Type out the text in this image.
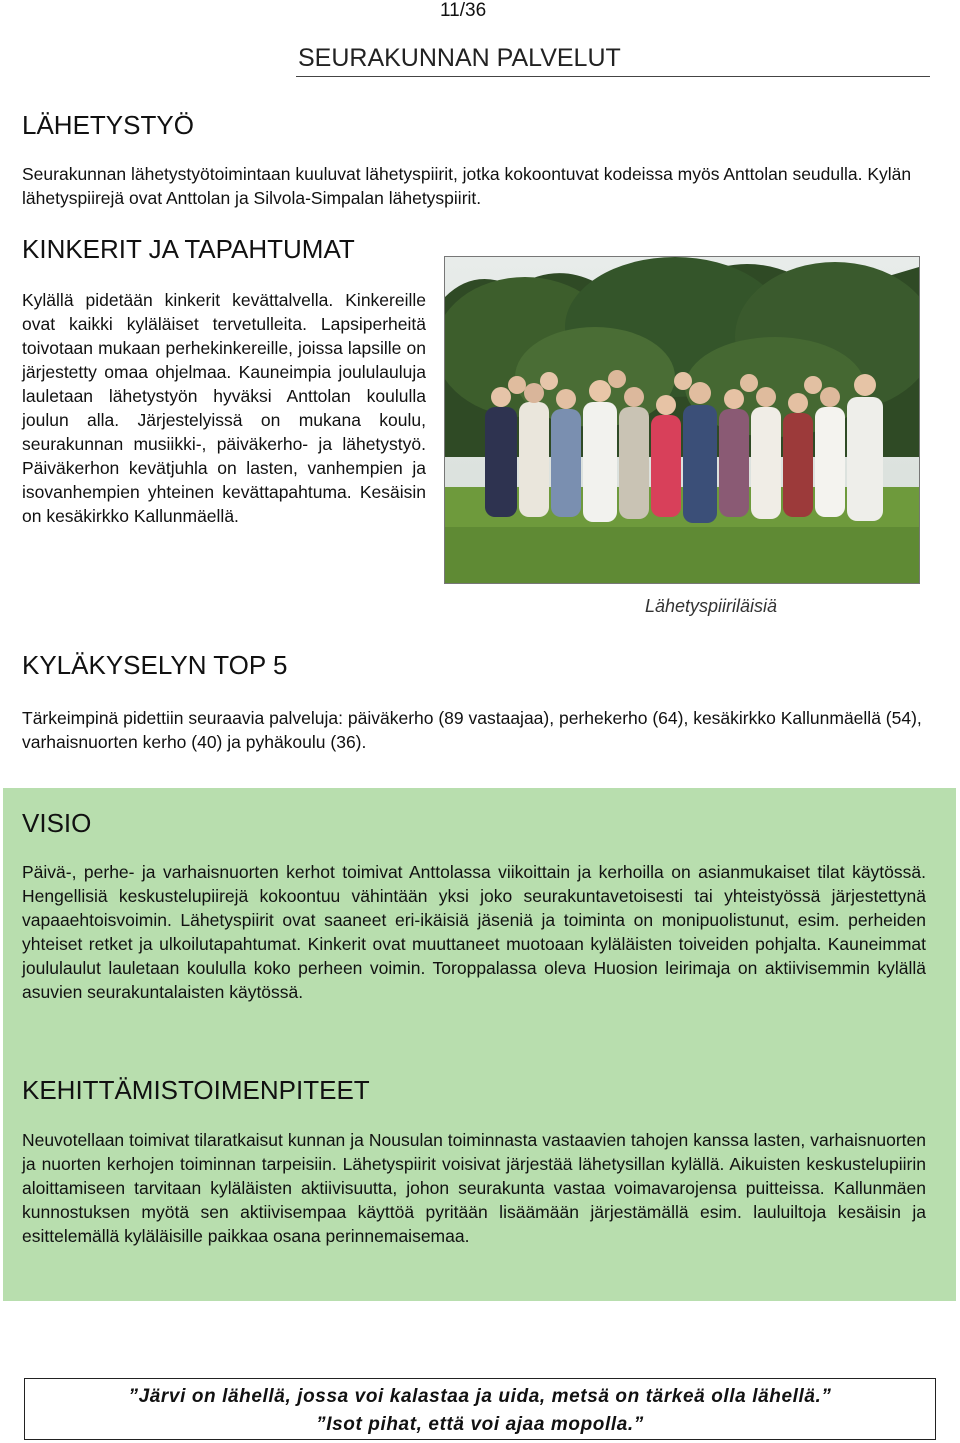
11/36
SEURAKUNNAN PALVELUT
LÄHETYSTYÖ

Seurakunnan lähetystyötoimintaan kuuluvat lähetyspiirit, jotka kokoontuvat kodeissa myös Anttolan seudulla. Kylän lähetyspiirejä ovat Anttolan ja Silvola-Simpalan lähetyspiirit.

KINKERIT JA TAPAHTUMAT

Kylällä pidetään kinkerit kevättalvella. Kinkereille ovat kaikki kyläläiset tervetulleita. Lapsiperheitä toivotaan mukaan perhekinkereille, joissa lapsille on järjestetty omaa ohjelmaa. Kauneimpia joululauluja lauletaan lähetystyön hyväksi Anttolan koululla joulun alla. Järjestelyissä on mukana koulu, seurakunnan musiikki-, päiväkerho- ja lähetystyö. Päiväkerhon kevätjuhla on lasten, vanhempien ja isovanhempien yhteinen kevättapahtuma. Kesäisin on kesäkirkko Kallunmäellä.

Lähetyspiiriläisiä
KYLÄKYSELYN TOP 5

Tärkeimpinä pidettiin seuraavia palveluja: päiväkerho (89 vastaajaa), perhekerho (64), kesäkirkko Kallunmäellä (54), varhaisnuorten kerho (40) ja pyhäkoulu (36).

VISIO

Päivä-, perhe- ja varhaisnuorten kerhot toimivat Anttolassa viikoittain ja kerhoilla on asianmukaiset tilat käytössä. Hengellisiä keskustelupiirejä kokoontuu vähintään yksi joko seurakuntavetoisesti tai yhteistyössä järjestettynä vapaaehtoisvoimin. Lähetyspiirit ovat saaneet eri-ikäisiä jäseniä ja toiminta on monipuolistunut, esim. perheiden yhteiset retket ja ulkoilutapahtumat. Kinkerit ovat muuttaneet muotoaan kyläläisten toiveiden pohjalta. Kauneimmat joululaulut lauletaan koululla koko perheen voimin. Toroppalassa oleva Huosion leirimaja on aktiivisemmin kylällä asuvien seurakuntalaisten käytössä.

KEHITTÄMISTOIMENPITEET

Neuvotellaan toimivat tilaratkaisut kunnan ja Nousulan toiminnasta vastaavien tahojen kanssa lasten, varhaisnuorten ja nuorten kerhojen toiminnan tarpeisiin. Lähetyspiirit voisivat järjestää lähetysillan kylällä. Aikuisten keskustelupiirin aloittamiseen tarvitaan kyläläisten aktiivisuutta, johon seurakunta vastaa voimavarojensa puitteissa. Kallunmäen kunnostuksen myötä sen aktiivisempaa käyttöä pyritään lisäämään järjestämällä esim. lauluiltoja kesäisin ja esittelemällä kyläläisille paikkaa osana perinnemaisemaa.

”Järvi on lähellä, jossa voi kalastaa ja uida, metsä on tärkeä olla lähellä.”
”Isot pihat, että voi ajaa mopolla.”
